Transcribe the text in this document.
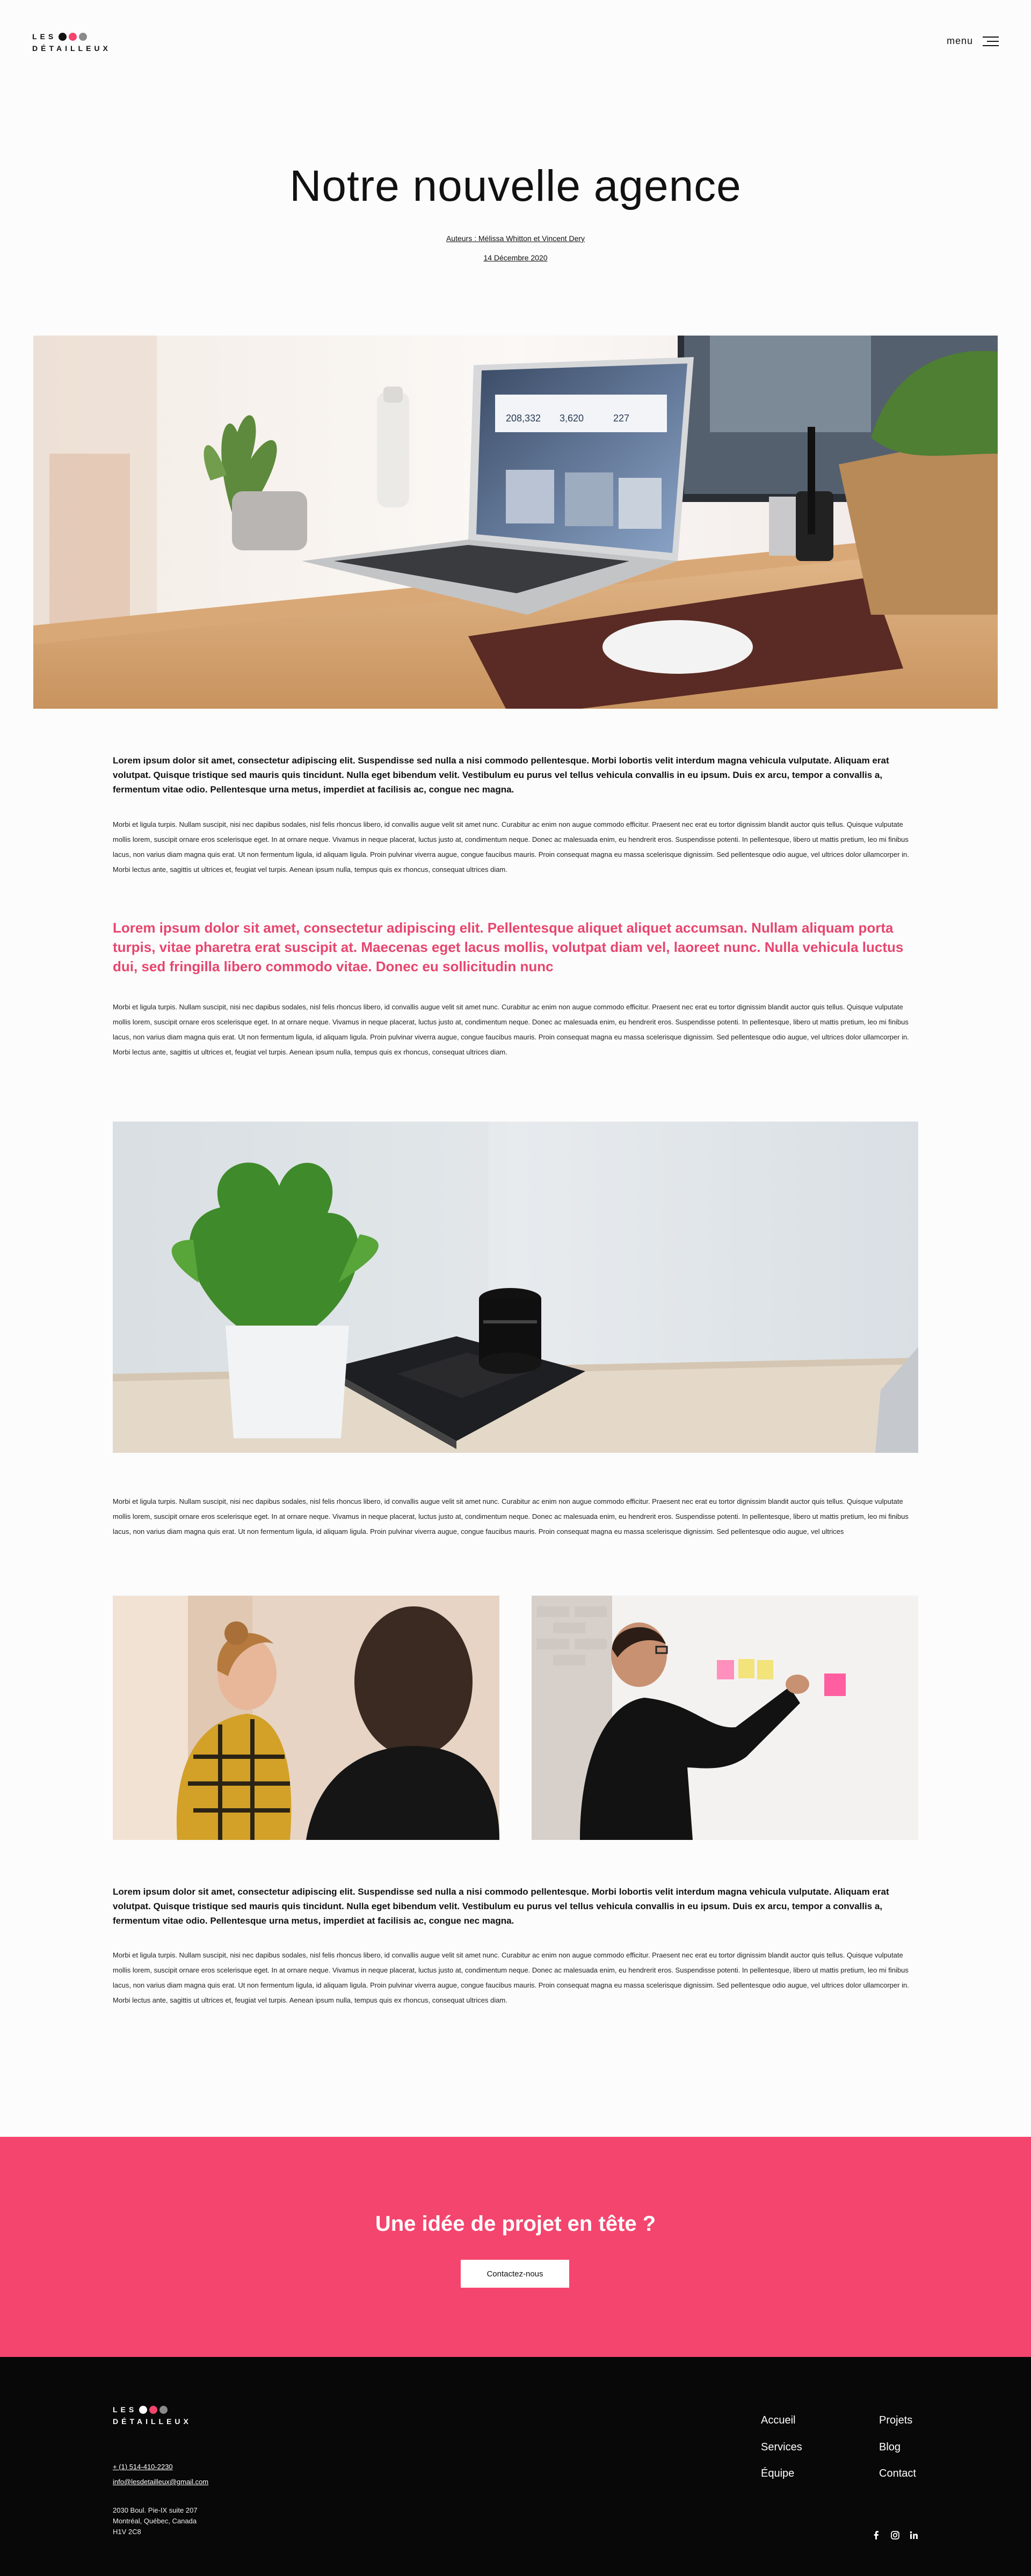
LES
DÉTAILLEUX
menu
Notre nouvelle agence
Auteurs : Mélissa Whitton et Vincent Dery
14 Décembre 2020
208,332 3,620	227

Lorem ipsum dolor sit amet, consectetur adipiscing elit. Suspendisse sed nulla a nisi commodo pellentesque. Morbi lobortis velit interdum magna vehicula vulputate. Aliquam erat volutpat. Quisque tristique sed mauris quis tincidunt. Nulla eget bibendum velit. Vestibulum eu purus vel tellus vehicula convallis in eu ipsum. Duis ex arcu, tempor a convallis a, fermentum vitae odio. Pellentesque urna metus, imperdiet at facilisis ac, congue nec magna.

Morbi et ligula turpis. Nullam suscipit, nisi nec dapibus sodales, nisl felis rhoncus libero, id convallis augue velit sit amet nunc. Curabitur ac enim non augue commodo efficitur. Praesent nec erat eu tortor dignissim blandit auctor quis tellus. Quisque vulputate mollis lorem, suscipit ornare eros scelerisque eget. In at ornare neque. Vivamus in neque placerat, luctus justo at, condimentum neque. Donec ac malesuada enim, eu hendrerit eros. Suspendisse potenti. In pellentesque, libero ut mattis pretium, leo mi finibus lacus, non varius diam magna quis erat. Ut non fermentum ligula, id aliquam ligula. Proin pulvinar viverra augue, congue faucibus mauris. Proin consequat magna eu massa scelerisque dignissim. Sed pellentesque odio augue, vel ultrices dolor ullamcorper in. Morbi lectus ante, sagittis ut ultrices et, feugiat vel turpis. Aenean ipsum nulla, tempus quis ex rhoncus, consequat ultrices diam.

Lorem ipsum dolor sit amet, consectetur adipiscing elit. Pellentesque aliquet aliquet accumsan. Nullam aliquam porta turpis, vitae pharetra erat suscipit at. Maecenas eget lacus mollis, volutpat diam vel, laoreet nunc. Nulla vehicula luctus dui, sed fringilla libero commodo vitae. Donec eu sollicitudin nunc

Morbi et ligula turpis. Nullam suscipit, nisi nec dapibus sodales, nisl felis rhoncus libero, id convallis augue velit sit amet nunc. Curabitur ac enim non augue commodo efficitur. Praesent nec erat eu tortor dignissim blandit auctor quis tellus. Quisque vulputate mollis lorem, suscipit ornare eros scelerisque eget. In at ornare neque. Vivamus in neque placerat, luctus justo at, condimentum neque. Donec ac malesuada enim, eu hendrerit eros. Suspendisse potenti. In pellentesque, libero ut mattis pretium, leo mi finibus lacus, non varius diam magna quis erat. Ut non fermentum ligula, id aliquam ligula. Proin pulvinar viverra augue, congue faucibus mauris. Proin consequat magna eu massa scelerisque dignissim. Sed pellentesque odio augue, vel ultrices dolor ullamcorper in. Morbi lectus ante, sagittis ut ultrices et, feugiat vel turpis. Aenean ipsum nulla, tempus quis ex rhoncus, consequat ultrices diam.

Morbi et ligula turpis. Nullam suscipit, nisi nec dapibus sodales, nisl felis rhoncus libero, id convallis augue velit sit amet nunc. Curabitur ac enim non augue commodo efficitur. Praesent nec erat eu tortor dignissim blandit auctor quis tellus. Quisque vulputate mollis lorem, suscipit ornare eros scelerisque eget. In at ornare neque. Vivamus in neque placerat, luctus justo at, condimentum neque. Donec ac malesuada enim, eu hendrerit eros. Suspendisse potenti. In pellentesque, libero ut mattis pretium, leo mi finibus lacus, non varius diam magna quis erat. Ut non fermentum ligula, id aliquam ligula. Proin pulvinar viverra augue, congue faucibus mauris. Proin consequat magna eu massa scelerisque dignissim. Sed pellentesque odio augue, vel ultrices

Lorem ipsum dolor sit amet, consectetur adipiscing elit. Suspendisse sed nulla a nisi commodo pellentesque. Morbi lobortis velit interdum magna vehicula vulputate. Aliquam erat volutpat. Quisque tristique sed mauris quis tincidunt. Nulla eget bibendum velit. Vestibulum eu purus vel tellus vehicula convallis in eu ipsum. Duis ex arcu, tempor a convallis a, fermentum vitae odio. Pellentesque urna metus, imperdiet at facilisis ac, congue nec magna.

Morbi et ligula turpis. Nullam suscipit, nisi nec dapibus sodales, nisl felis rhoncus libero, id convallis augue velit sit amet nunc. Curabitur ac enim non augue commodo efficitur. Praesent nec erat eu tortor dignissim blandit auctor quis tellus. Quisque vulputate mollis lorem, suscipit ornare eros scelerisque eget. In at ornare neque. Vivamus in neque placerat, luctus justo at, condimentum neque. Donec ac malesuada enim, eu hendrerit eros. Suspendisse potenti. In pellentesque, libero ut mattis pretium, leo mi finibus lacus, non varius diam magna quis erat. Ut non fermentum ligula, id aliquam ligula. Proin pulvinar viverra augue, congue faucibus mauris. Proin consequat magna eu massa scelerisque dignissim. Sed pellentesque odio augue, vel ultrices dolor ullamcorper in. Morbi lectus ante, sagittis ut ultrices et, feugiat vel turpis. Aenean ipsum nulla, tempus quis ex rhoncus, consequat ultrices diam.

Une idée de projet en tête ?
Contactez-nous
LES
DÉTAILLEUX
+ (1) 514-410-2230
info@lesdetailleux@gmail.com
2030 Boul. Pie-IX suite 207
Montréal, Québec, Canada
H1V 2C8
Accueil
Services
Équipe
Projets
Blog
Contact
